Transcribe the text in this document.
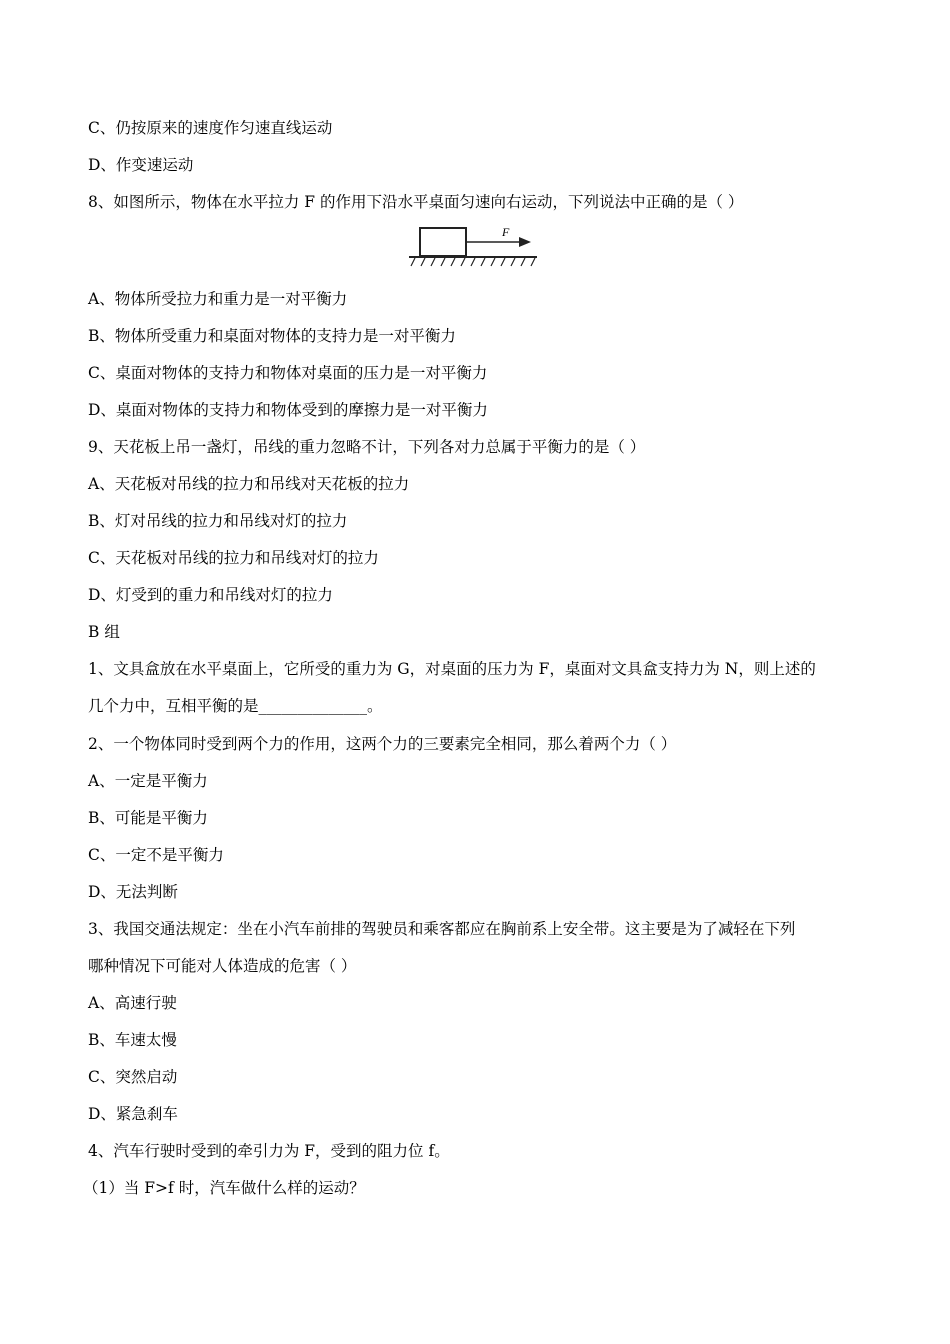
C、仍按原来的速度作匀速直线运动
D、作变速运动
8、如图所示，物体在水平拉力 F 的作用下沿水平桌面匀速向右运动，下列说法中正确的是（ ）
F
A、物体所受拉力和重力是一对平衡力
B、物体所受重力和桌面对物体的支持力是一对平衡力
C、桌面对物体的支持力和物体对桌面的压力是一对平衡力
D、桌面对物体的支持力和物体受到的摩擦力是一对平衡力
9、天花板上吊一盏灯，吊线的重力忽略不计，下列各对力总属于平衡力的是（ ）
A、天花板对吊线的拉力和吊线对天花板的拉力
B、灯对吊线的拉力和吊线对灯的拉力
C、天花板对吊线的拉力和吊线对灯的拉力
D、灯受到的重力和吊线对灯的拉力
B 组
1、文具盒放在水平桌面上，它所受的重力为 G，对桌面的压力为 F，桌面对文具盒支持力为 N，则上述的
几个力中，互相平衡的是______________。
2、一个物体同时受到两个力的作用，这两个力的三要素完全相同，那么着两个力（ ）
A、一定是平衡力
B、可能是平衡力
C、一定不是平衡力
D、无法判断
3、我国交通法规定：坐在小汽车前排的驾驶员和乘客都应在胸前系上安全带。这主要是为了减轻在下列
哪种情况下可能对人体造成的危害（ ）
A、高速行驶
B、车速太慢
C、突然启动
D、紧急刹车
4、汽车行驶时受到的牵引力为 F，受到的阻力位 f。
（1）当 F>f 时，汽车做什么样的运动？
